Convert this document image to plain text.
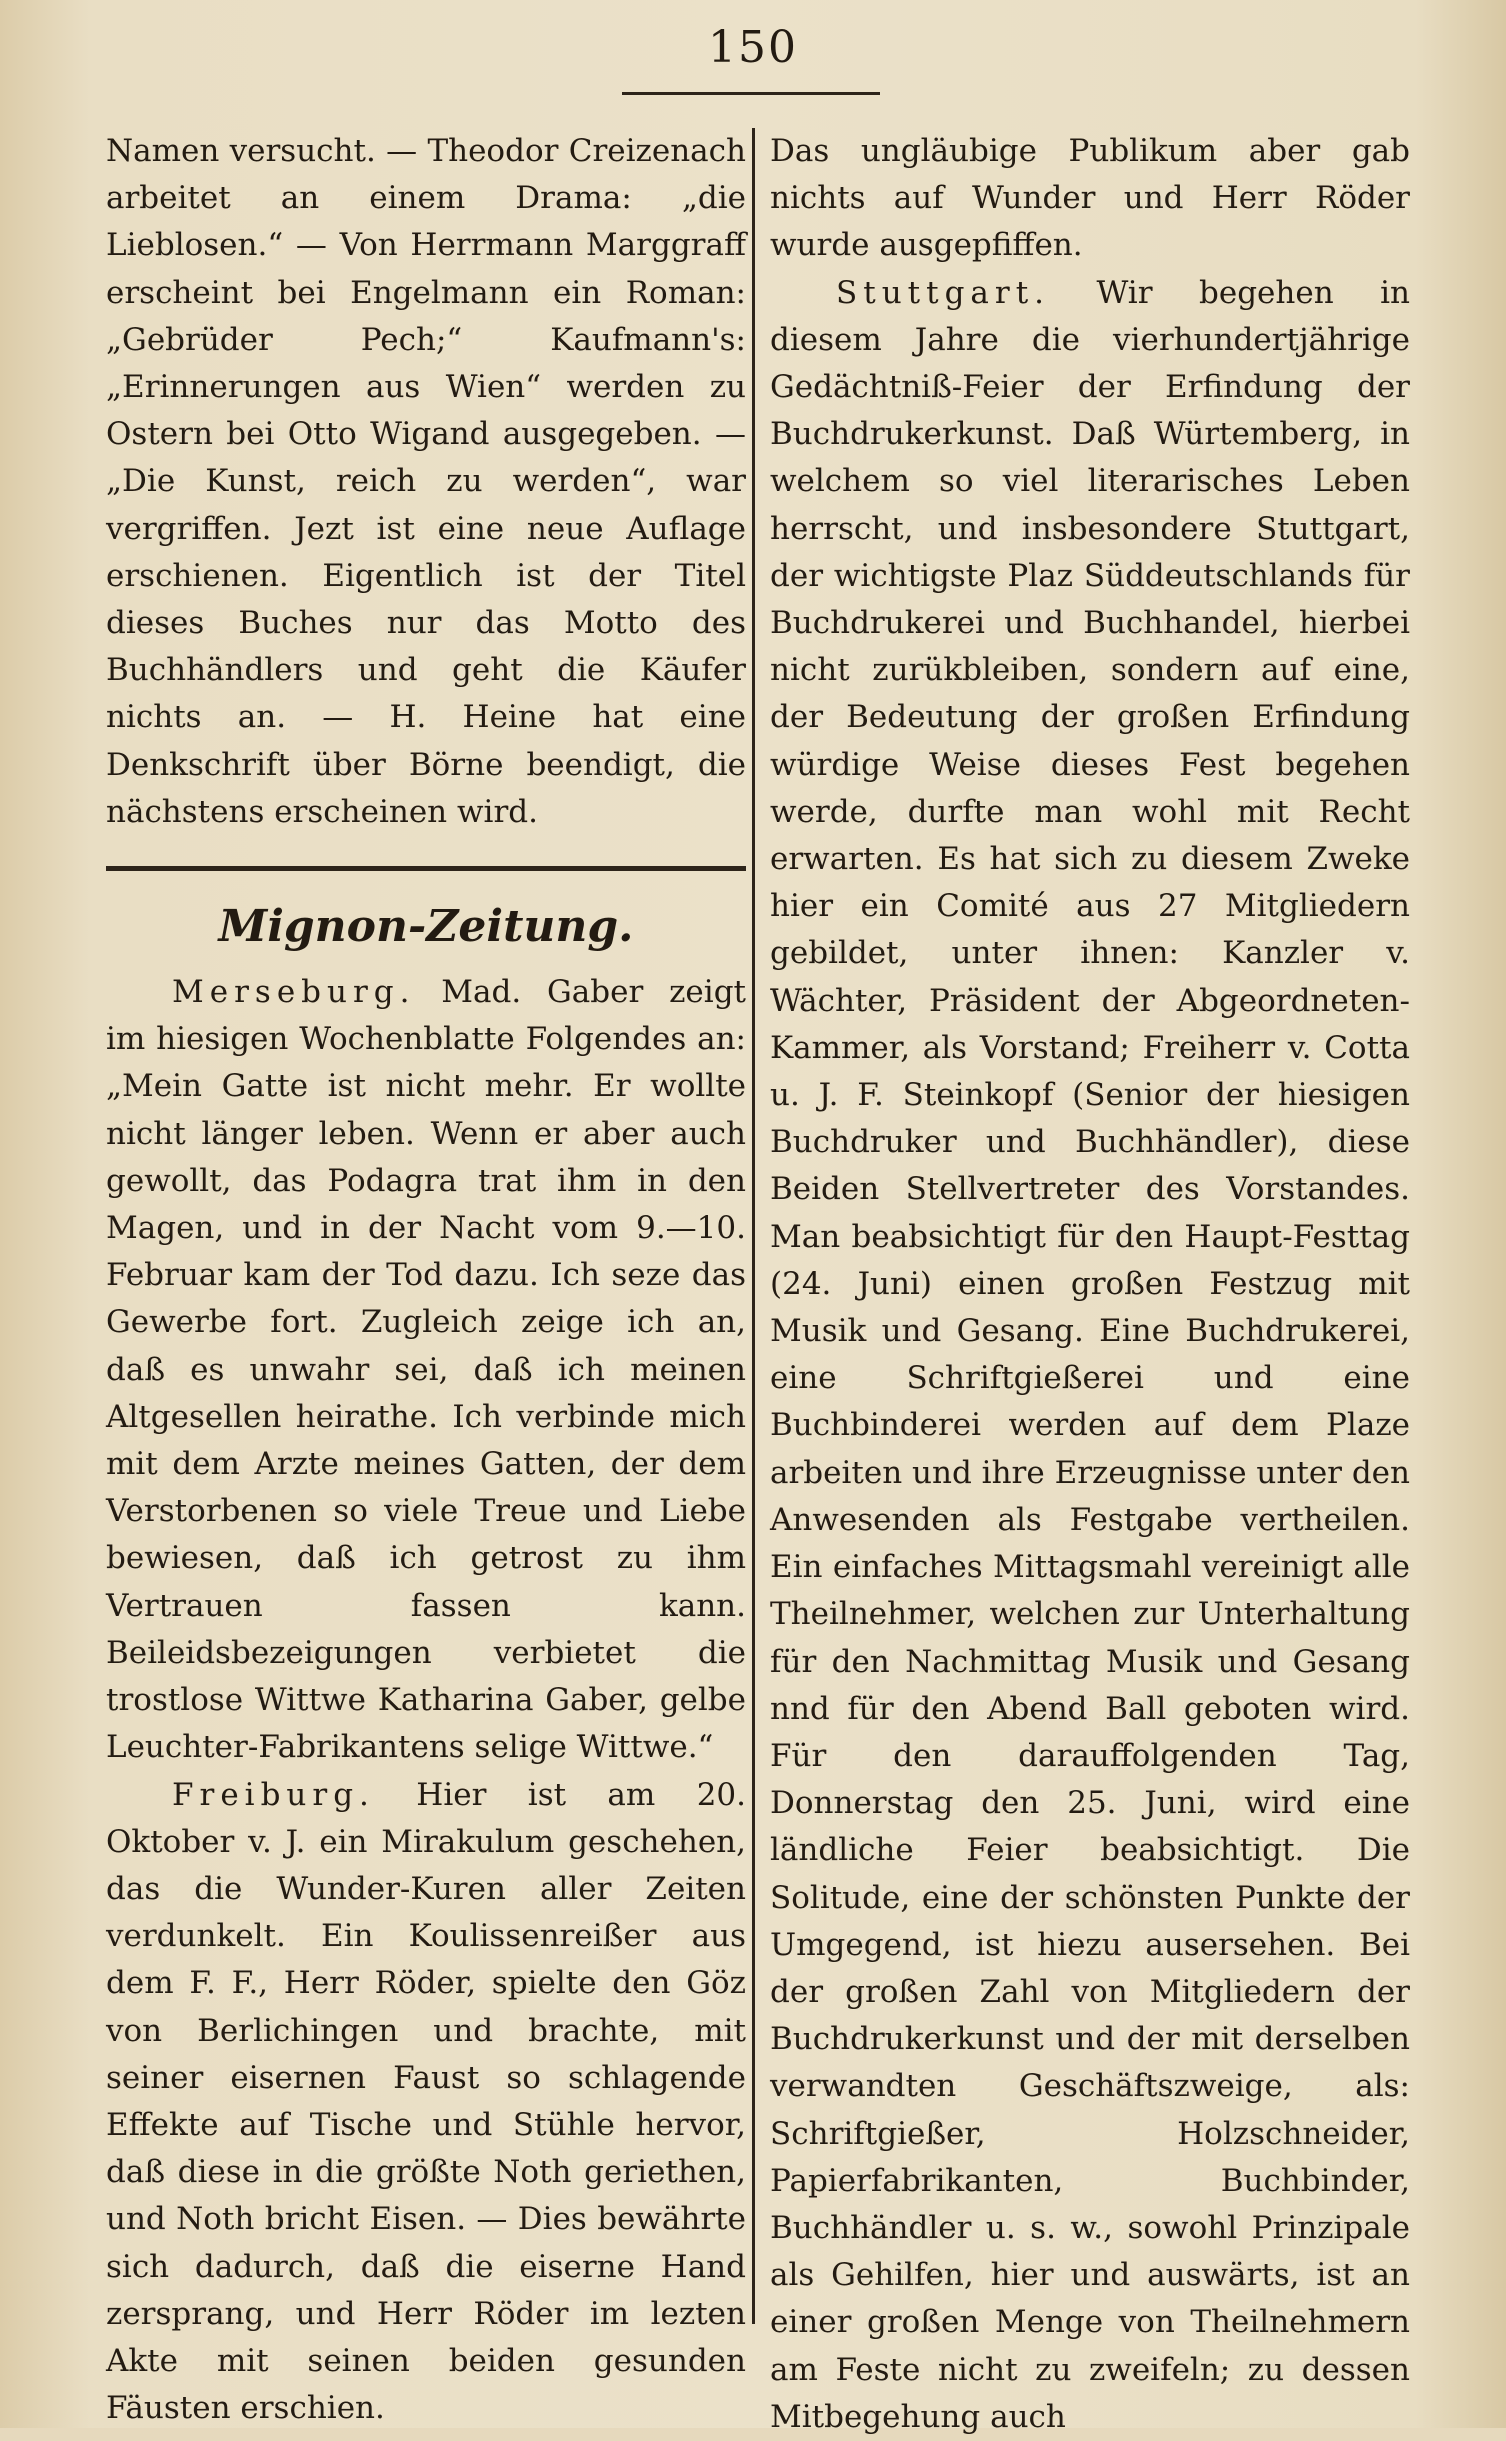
150

Namen versucht. — Theodor Creizenach arbeitet an einem Drama: „die Lieblosen.“ — Von Herrmann Marggraff erscheint bei Engelmann ein Roman: „Gebrüder Pech;“ Kaufmann's: „Erinnerungen aus Wien“ werden zu Ostern bei Otto Wigand ausgegeben. — „Die Kunst, reich zu werden“, war vergriffen. Jezt ist eine neue Auflage erschienen. Eigentlich ist der Titel dieses Buches nur das Motto des Buchhändlers und geht die Käufer nichts an. — H. Heine hat eine Denkschrift über Börne beendigt, die nächstens erscheinen wird.

Mignon-Zeitung.

Merseburg. Mad. Gaber zeigt im hiesigen Wochenblatte Folgendes an: „Mein Gatte ist nicht mehr. Er wollte nicht länger leben. Wenn er aber auch gewollt, das Podagra trat ihm in den Magen, und in der Nacht vom 9.—10. Februar kam der Tod dazu. Ich seze das Gewerbe fort. Zugleich zeige ich an, daß es unwahr sei, daß ich meinen Altgesellen heirathe. Ich verbinde mich mit dem Arzte meines Gatten, der dem Verstorbenen so viele Treue und Liebe bewiesen, daß ich getrost zu ihm Vertrauen fassen kann. Beileidsbezeigungen verbietet die trostlose Wittwe Katharina Gaber, gelbe Leuchter-Fabrikantens selige Wittwe.“

Freiburg. Hier ist am 20. Oktober v. J. ein Mirakulum geschehen, das die Wunder-Kuren aller Zeiten verdunkelt. Ein Koulissenreißer aus dem F. F., Herr Röder, spielte den Göz von Berlichingen und brachte, mit seiner eisernen Faust so schlagende Effekte auf Tische und Stühle hervor, daß diese in die größte Noth geriethen, und Noth bricht Eisen. — Dies bewährte sich dadurch, daß die eiserne Hand zersprang, und Herr Röder im lezten Akte mit seinen beiden gesunden Fäusten erschien.

Das ungläubige Publikum aber gab nichts auf Wunder und Herr Röder wurde ausgepfiffen.

Stuttgart. Wir begehen in diesem Jahre die vierhundertjährige Gedächtniß-Feier der Erfindung der Buchdrukerkunst. Daß Würtemberg, in welchem so viel literarisches Leben herrscht, und insbesondere Stuttgart, der wichtigste Plaz Süddeutschlands für Buchdrukerei und Buchhandel, hierbei nicht zurükbleiben, sondern auf eine, der Bedeutung der großen Erfindung würdige Weise dieses Fest begehen werde, durfte man wohl mit Recht erwarten. Es hat sich zu diesem Zweke hier ein Comité aus 27 Mitgliedern gebildet, unter ihnen: Kanzler v. Wächter, Präsident der Abgeordneten-Kammer, als Vorstand; Freiherr v. Cotta u. J. F. Steinkopf (Senior der hiesigen Buchdruker und Buchhändler), diese Beiden Stellvertreter des Vorstandes. Man beabsichtigt für den Haupt-Festtag (24. Juni) einen großen Festzug mit Musik und Gesang. Eine Buchdrukerei, eine Schriftgießerei und eine Buchbinderei werden auf dem Plaze arbeiten und ihre Erzeugnisse unter den Anwesenden als Festgabe vertheilen. Ein einfaches Mittagsmahl vereinigt alle Theilnehmer, welchen zur Unterhaltung für den Nachmittag Musik und Gesang nnd für den Abend Ball geboten wird. Für den darauffolgenden Tag, Donnerstag den 25. Juni, wird eine ländliche Feier beabsichtigt. Die Solitude, eine der schönsten Punkte der Umgegend, ist hiezu ausersehen. Bei der großen Zahl von Mitgliedern der Buchdrukerkunst und der mit derselben verwandten Geschäftszweige, als: Schriftgießer, Holzschneider, Papierfabrikanten, Buchbinder, Buchhändler u. s. w., sowohl Prinzipale als Gehilfen, hier und auswärts, ist an einer großen Menge von Theilnehmern am Feste nicht zu zweifeln; zu dessen Mitbegehung auch
